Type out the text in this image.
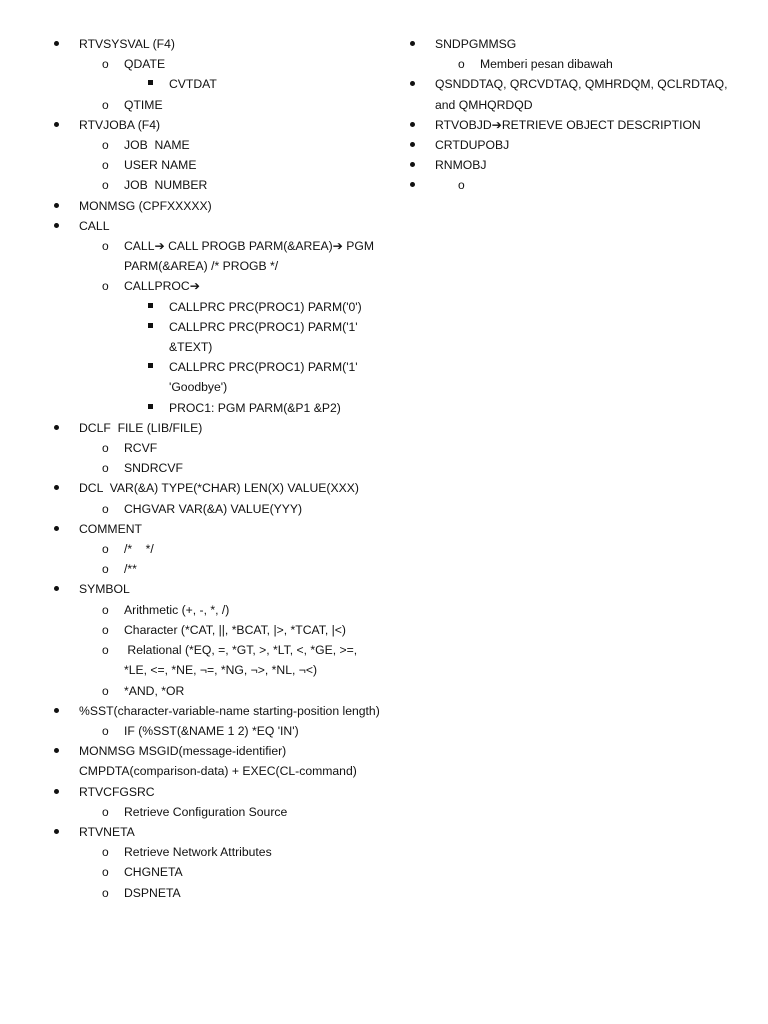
RTVSYSVAL (F4)
o QDATE
CVTDAT
o QTIME
RTVJOBA (F4)
o JOB  NAME
o USER NAME
o JOB  NUMBER
MONMSG (CPFXXXXX)
CALL
o CALL➔ CALL PROGB PARM(&AREA)➔ PGM PARM(&AREA) /* PROGB */
o CALLPROC➔
CALLPRC PRC(PROC1) PARM('0')
CALLPRC PRC(PROC1) PARM('1' &TEXT)
CALLPRC PRC(PROC1) PARM('1' 'Goodbye')
PROC1: PGM PARM(&P1 &P2)
DCLF  FILE (LIB/FILE)
o RCVF
o SNDRCVF
DCL  VAR(&A) TYPE(*CHAR) LEN(X) VALUE(XXX)
o CHGVAR VAR(&A) VALUE(YYY)
COMMENT
o /*    */
o /**
SYMBOL
o Arithmetic (+, -, *, /)
o Character (*CAT, ||, *BCAT, |>, *TCAT, |<)
o Relational (*EQ, =, *GT, >, *LT, <, *GE, >=, *LE, <=, *NE, ¬=, *NG, ¬>, *NL, ¬<)
o *AND, *OR
%SST(character-variable-name starting-position length)
o IF (%SST(&NAME 1 2) *EQ 'IN')
MONMSG MSGID(message-identifier) CMPDTA(comparison-data) + EXEC(CL-command)
RTVCFGSRC
o Retrieve Configuration Source
RTVNETA
o Retrieve Network Attributes
o CHGNETA
o DSPNETA
SNDPGMMSG
o Memberi pesan dibawah
QSNDDTAQ, QRCVDTAQ, QMHRDQM, QCLRDTAQ, and QMHQRDQD
RTVOBJD➔RETRIEVE OBJECT DESCRIPTION
CRTDUPOBJ
RNMOBJ
o
